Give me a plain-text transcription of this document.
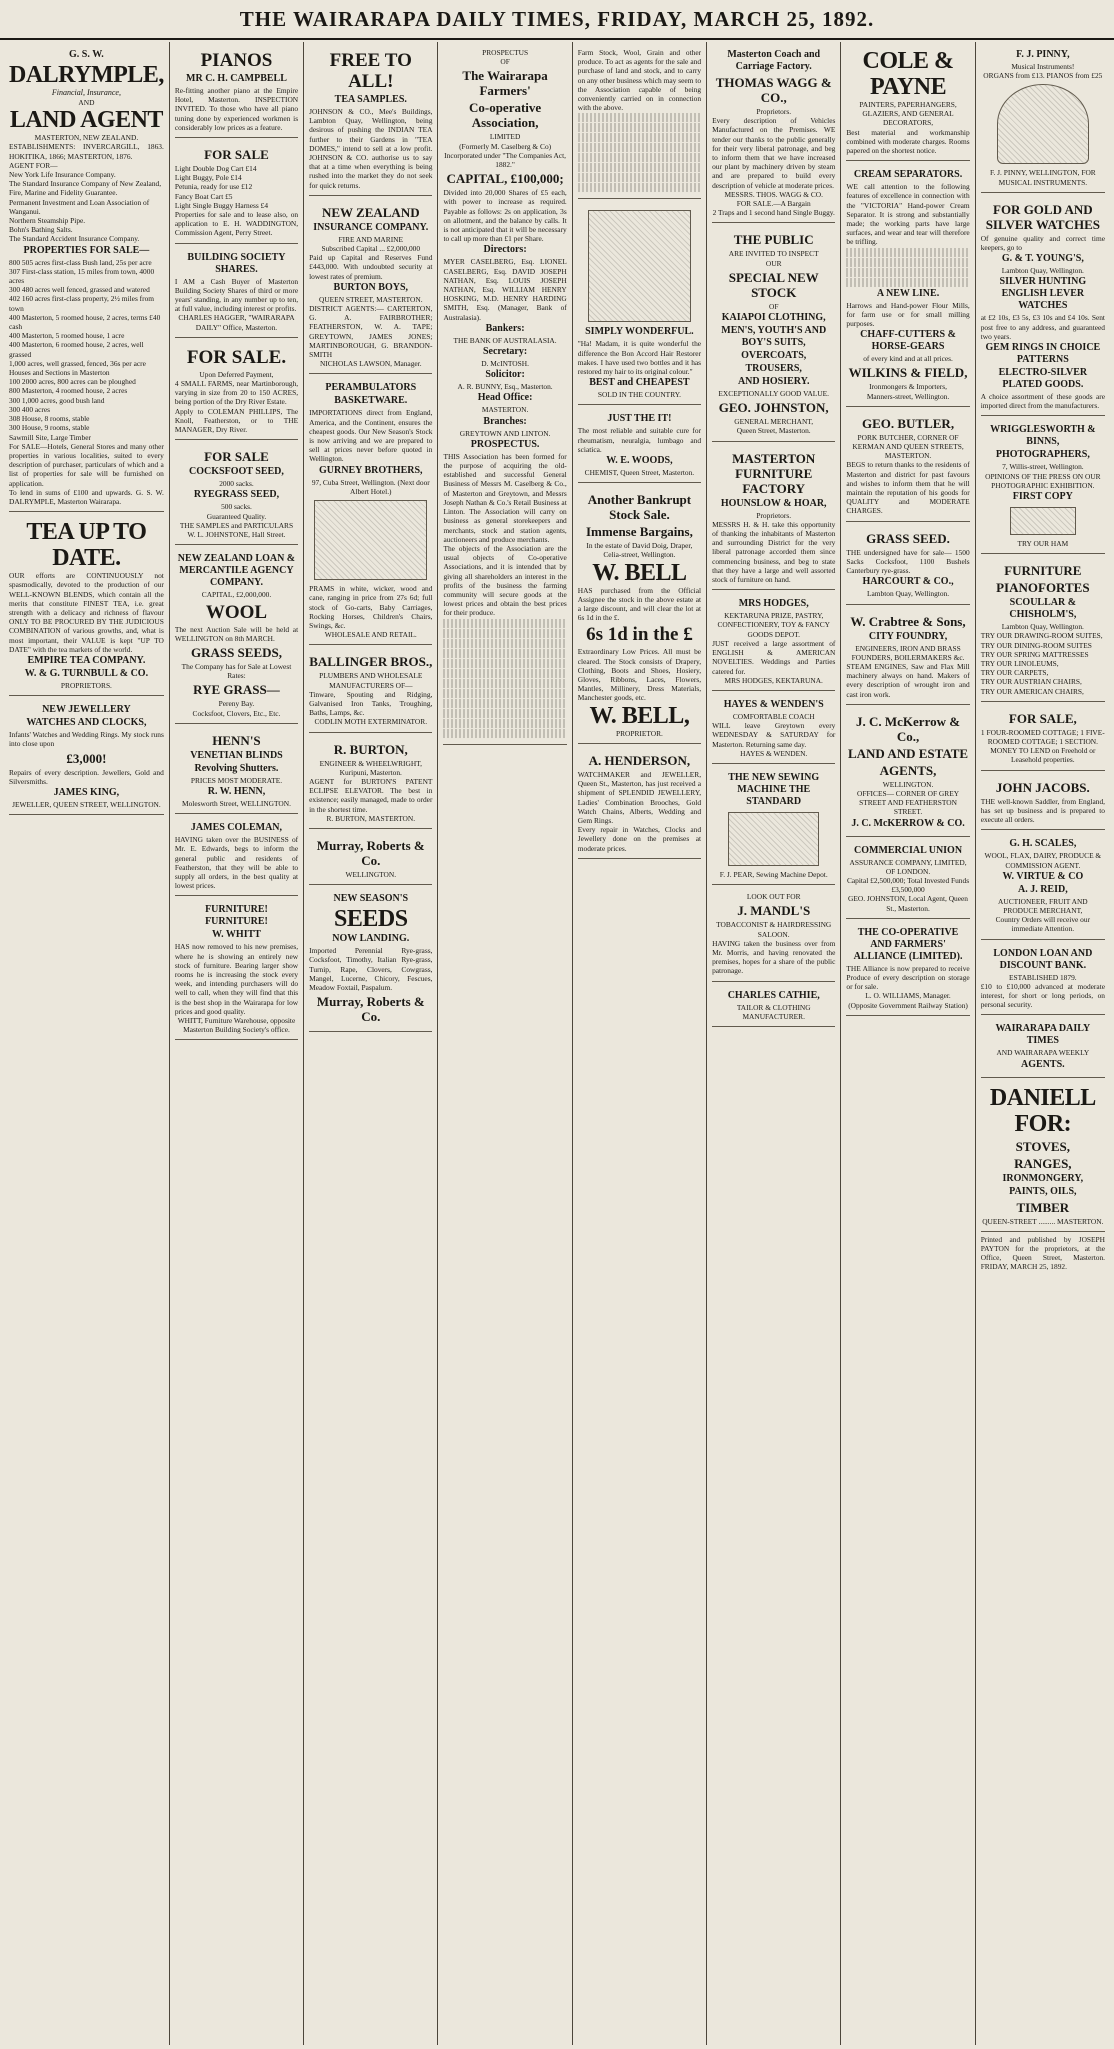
THE WAIRARAPA DAILY TIMES, FRIDAY, MARCH 25, 1892.
G. S. W.
DALRYMPLE,
Financial, Insurance,
AND
LAND AGENT
MASTERTON, NEW ZEALAND.
ESTABLISHMENTS: INVERCARGILL, 1863. HOKITIKA, 1866; MASTERTON, 1876.
AGENT FOR—
New York Life Insurance Company.
The Standard Insurance Company of New Zealand, Fire, Marine and Fidelity Guarantee.
Permanent Investment and Loan Association of Wanganui.
Northern Steamship Pipe.
Bohn's Bathing Salts.
The Standard Accident Insurance Company.
PROPERTIES FOR SALE—
800 505 acres first-class Bush land, 25s per acre
307 First-class station, 15 miles from town, 4000 acres
300 480 acres well fenced, grassed and watered
402 160 acres first-class property, 2½ miles from town
400 Masterton, 5 roomed house, 2 acres, terms £40 cash
400 Masterton, 5 roomed house, 1 acre
400 Masterton, 6 roomed house, 2 acres, well grassed
1,000 acres, well grassed, fenced, 36s per acre
Houses and Sections in Masterton
100 2000 acres, 800 acres can be ploughed
800 Masterton, 4 roomed house, 2 acres
300 1,000 acres, good bush land
300 400 acres
308 House, 8 rooms, stable
300 House, 9 rooms, stable
Sawmill Site, Large Timber
For SALE—Hotels, General Stores and many other properties in various localities, suited to every description of purchaser, particulars of which and a list of properties for sale will be furnished on application.
To lend in sums of £100 and upwards. G. S. W. DALRYMPLE, Masterton Wairarapa.
TEA UP TO DATE.
OUR efforts are CONTINUOUSLY not spasmodically, devoted to the production of our WELL-KNOWN BLENDS, which contain all the merits that constitute FINEST TEA, i.e. great strength with a delicacy and richness of flavour ONLY TO BE PROCURED BY THE JUDICIOUS COMBINATION of various growths, and, what is most important, their VALUE is kept "UP TO DATE" with the tea markets of the world.
EMPIRE TEA COMPANY.
W. & G. TURNBULL & CO.
PROPRIETORS.
NEW JEWELLERY
WATCHES AND CLOCKS,
Infants' Watches and Wedding Rings. My stock runs into close upon
£3,000!
Repairs of every description. Jewellers, Gold and Silversmiths.
JAMES KING,
JEWELLER, QUEEN STREET, WELLINGTON.
PIANOS
MR C. H. CAMPBELL
Re-fitting another piano at the Empire Hotel, Masterton. INSPECTION INVITED. To those who have all piano tuning done by experienced workmen is considerably low prices as a feature.
FOR SALE
Light Double Dog Cart £14
Light Buggy, Pole £14
Petunia, ready for use £12
Fancy Boat Cart £5
Light Single Buggy Harness £4
Properties for sale and to lease also, on application to E. H. WADDINGTON, Commission Agent, Perry Street.
BUILDING SOCIETY SHARES.
I AM a Cash Buyer of Masterton Building Society Shares of third or more years' standing, in any number up to ten, at full value, including interest or profits.
CHARLES HAGGER, "WAIRARAPA DAILY" Office, Masterton.
FOR SALE.
Upon Deferred Payment,
4 SMALL FARMS, near Martinborough, varying in size from 20 to 150 ACRES, being portion of the Dry River Estate.
Apply to COLEMAN PHILLIPS, The Knoll, Featherston, or to THE MANAGER, Dry River.
FOR SALE
COCKSFOOT SEED,
2000 sacks.
RYEGRASS SEED,
500 sacks.
Guaranteed Quality.
THE SAMPLES and PARTICULARS
W. L. JOHNSTONE, Hall Street.
NEW ZEALAND LOAN & MERCANTILE AGENCY COMPANY.
CAPITAL, £2,000,000.
WOOL
The next Auction Sale will be held at WELLINGTON on 8th MARCH.
GRASS SEEDS,
The Company has for Sale at Lowest Rates:
RYE GRASS—
Pereny Bay.
Cocksfoot, Clovers, Etc., Etc.
HENN'S
VENETIAN BLINDS
Revolving Shutters.
PRICES MOST MODERATE.
R. W. HENN,
Molesworth Street, WELLINGTON.
JAMES COLEMAN,
HAVING taken over the BUSINESS of Mr. E. Edwards, begs to inform the general public and residents of Featherston, that they will be able to supply all orders, in the best quality at lowest prices.
FURNITURE! FURNITURE!
W. WHITT
HAS now removed to his new premises, where he is showing an entirely new stock of furniture. Bearing larger show rooms he is increasing the stock every week, and intending purchasers will do well to call, when they will find that this is the best shop in the Wairarapa for low prices and good quality.
WHITT, Furniture Warehouse, opposite Masterton Building Society's office.
FREE TO ALL!
TEA SAMPLES.
JOHNSON & CO., Mee's Buildings, Lambton Quay, Wellington, being desirous of pushing the INDIAN TEA further to their Gardens in "TEA DOMES," intend to sell at a low profit. JOHNSON & CO. authorise us to say that at a time when everything is being rushed into the market they do not seek for quick returns.
NEW ZEALAND
INSURANCE COMPANY.
FIRE AND MARINE
Subscribed Capital ... £2,000,000
Paid up Capital and Reserves Fund £443,000. With undoubted security at lowest rates of premium.
BURTON BOYS,
QUEEN STREET, MASTERTON.
DISTRICT AGENTS:— CARTERTON, G. A. FAIRBROTHER; FEATHERSTON, W. A. TAPE; GREYTOWN, JAMES JONES; MARTINBOROUGH, G. BRANDON-SMITH
NICHOLAS LAWSON, Manager.
PERAMBULATORS
BASKETWARE.
IMPORTATIONS direct from England, America, and the Continent, ensures the cheapest goods. Our New Season's Stock is now arriving and we are prepared to sell at prices never before quoted in Wellington.
GURNEY BROTHERS,
97, Cuba Street, Wellington. (Next door Albert Hotel.)
PRAMS in white, wicker, wood and cane, ranging in price from 27s 6d; full stock of Go-carts, Baby Carriages, Rocking Horses, Children's Chairs, Swings, &c.
WHOLESALE AND RETAIL.
BALLINGER BROS.,
PLUMBERS AND WHOLESALE MANUFACTURERS OF—
Tinware, Spouting and Ridging, Galvanised Iron Tanks, Troughing, Baths, Lamps, &c.
CODLIN MOTH EXTERMINATOR.
R. BURTON,
ENGINEER & WHEELWRIGHT, Kuripuni, Masterton.
AGENT for BURTON'S PATENT ECLIPSE ELEVATOR. The best in existence; easily managed, made to order in the shortest time.
R. BURTON, MASTERTON.
Murray, Roberts & Co.
WELLINGTON.
NEW SEASON'S
SEEDS
NOW LANDING.
Imported Perennial Rye-grass, Cocksfoot, Timothy, Italian Rye-grass, Turnip, Rape, Clovers, Cowgrass, Mangel, Lucerne, Chicory, Fescues, Meadow Foxtail, Paspalum.
Murray, Roberts & Co.
PROSPECTUS
OF
The Wairarapa Farmers'
Co-operative Association,
LIMITED
(Formerly M. Caselberg & Co)
Incorporated under "The Companies Act, 1882."
CAPITAL, £100,000;
Divided into 20,000 Shares of £5 each, with power to increase as required. Payable as follows: 2s on application, 3s on allotment, and the balance by calls. It is not anticipated that it will be necessary to call up more than £1 per Share.
Directors:
MYER CASELBERG, Esq. LIONEL CASELBERG, Esq. DAVID JOSEPH NATHAN, Esq. LOUIS JOSEPH NATHAN, Esq. WILLIAM HENRY HOSKING, M.D. HENRY HARDING SMITH, Esq. (Manager, Bank of Australasia).
Bankers:
THE BANK OF AUSTRALASIA.
Secretary:
D. McINTOSH.
Solicitor:
A. R. BUNNY, Esq., Masterton.
Head Office:
MASTERTON.
Branches:
GREYTOWN AND LINTON.
PROSPECTUS.
THIS Association has been formed for the purpose of acquiring the old-established and successful General Business of Messrs M. Caselberg & Co., of Masterton and Greytown, and Messrs Joseph Nathan & Co.'s Retail Business at Linton. The Association will carry on business as general storekeepers and merchants, stock and station agents, auctioneers and produce merchants.
The objects of the Association are the usual objects of Co-operative Associations, and it is intended that by giving all shareholders an interest in the profits of the business the farming community will secure goods at the lowest prices and obtain the best prices for their produce.
Farm Stock, Wool, Grain and other produce. To act as agents for the sale and purchase of land and stock, and to carry on any other business which may seem to the Association capable of being conveniently carried on in connection with the above.
SIMPLY WONDERFUL.
"Ha! Madam, it is quite wonderful the difference the Bon Accord Hair Restorer makes. I have used two bottles and it has restored my hair to its original colour."
BEST and CHEAPEST
SOLD IN THE COUNTRY.
JUST THE IT!
The most reliable and suitable cure for rheumatism, neuralgia, lumbago and sciatica.
W. E. WOODS,
CHEMIST, Queen Street, Masterton.
Another Bankrupt Stock Sale.
Immense Bargains,
In the estate of David Doig, Draper, Celia-street, Wellington.
W. BELL
HAS purchased from the Official Assignee the stock in the above estate at a large discount, and will clear the lot at 6s 1d in the £.
6s 1d in the £
Extraordinary Low Prices. All must be cleared. The Stock consists of Drapery, Clothing, Boots and Shoes, Hosiery, Gloves, Ribbons, Laces, Flowers, Mantles, Millinery, Dress Materials, Manchester goods, etc.
W. BELL,
PROPRIETOR.
A. HENDERSON,
WATCHMAKER and JEWELLER, Queen St., Masterton, has just received a shipment of SPLENDID JEWELLERY, Ladies' Combination Brooches, Gold Watch Chains, Alberts, Wedding and Gem Rings.
Every repair in Watches, Clocks and Jewellery done on the premises at moderate prices.
Masterton Coach and Carriage Factory.
THOMAS WAGG & CO.,
Proprietors.
Every description of Vehicles Manufactured on the Premises. WE tender our thanks to the public generally for their very liberal patronage, and beg to inform them that we have increased our plant by machinery driven by steam and are prepared to build every description of vehicle at moderate prices.
MESSRS. THOS. WAGG & CO.
FOR SALE.—A Bargain
2 Traps and 1 second hand Single Buggy.
THE PUBLIC
ARE INVITED TO INSPECT
OUR
SPECIAL NEW STOCK
OF
KAIAPOI CLOTHING,
MEN'S, YOUTH'S AND BOY'S SUITS,
OVERCOATS,
TROUSERS,
AND HOSIERY.
EXCEPTIONALLY GOOD VALUE.
GEO. JOHNSTON,
GENERAL MERCHANT,
Queen Street, Masterton.
MASTERTON FURNITURE FACTORY
HOUNSLOW & HOAR,
Proprietors.
MESSRS H. & H. take this opportunity of thanking the inhabitants of Masterton and surrounding District for the very liberal patronage accorded them since commencing business, and beg to state that they have a large and well assorted stock of furniture on hand.
MRS HODGES,
KEKTARUNA PRIZE, PASTRY, CONFECTIONERY, TOY & FANCY GOODS DEPOT.
JUST received a large assortment of ENGLISH & AMERICAN NOVELTIES. Weddings and Parties catered for.
MRS HODGES, KEKTARUNA.
HAYES & WENDEN'S
COMFORTABLE COACH
WILL leave Greytown every WEDNESDAY & SATURDAY for Masterton. Returning same day.
HAYES & WENDEN.
THE NEW SEWING MACHINE THE STANDARD
F. J. PEAR, Sewing Machine Depot.
LOOK OUT FOR
J. MANDL'S
TOBACCONIST & HAIRDRESSING SALOON.
HAVING taken the business over from Mr. Morris, and having renovated the premises, hopes for a share of the public patronage.
CHARLES CATHIE,
TAILOR & CLOTHING MANUFACTURER.
COLE &
PAYNE
PAINTERS, PAPERHANGERS, GLAZIERS, AND GENERAL DECORATORS,
Best material and workmanship combined with moderate charges. Rooms papered on the shortest notice.
CREAM SEPARATORS.
WE call attention to the following features of excellence in connection with the "VICTORIA" Hand-power Cream Separator. It is strong and substantially made; the working parts have large surfaces, and wear and tear will therefore be trifling.
A NEW LINE.
Harrows and Hand-power Flour Mills, for farm use or for small milling purposes.
CHAFF-CUTTERS & HORSE-GEARS
of every kind and at all prices.
WILKINS & FIELD,
Ironmongers & Importers,
Manners-street, Wellington.
GEO. BUTLER,
PORK BUTCHER, CORNER OF KERMAN AND QUEEN STREETS, MASTERTON.
BEGS to return thanks to the residents of Masterton and district for past favours and wishes to inform them that he will maintain the reputation of his goods for QUALITY and MODERATE CHARGES.
GRASS SEED.
THE undersigned have for sale— 1500 Sacks Cocksfoot, 1100 Bushels Canterbury rye-grass.
HARCOURT & CO.,
Lambton Quay, Wellington.
W. Crabtree & Sons,
CITY FOUNDRY,
ENGINEERS, IRON AND BRASS FOUNDERS, BOILERMAKERS &c.
STEAM ENGINES, Saw and Flax Mill machinery always on hand. Makers of every description of wrought iron and cast iron work.
J. C. McKerrow & Co.,
LAND AND ESTATE
AGENTS,
WELLINGTON.
OFFICES— CORNER OF GREY STREET AND FEATHERSTON STREET.
J. C. McKERROW & CO.
COMMERCIAL UNION
ASSURANCE COMPANY, LIMITED, OF LONDON.
Capital £2,500,000; Total Invested Funds £3,500,000
GEO. JOHNSTON, Local Agent, Queen St., Masterton.
THE CO-OPERATIVE AND FARMERS' ALLIANCE (LIMITED).
THE Alliance is now prepared to receive Produce of every description on storage or for sale.
L. O. WILLIAMS, Manager.
(Opposite Government Railway Station)
F. J. PINNY,
Musical Instruments!
ORGANS from £13. PIANOS from £25
F. J. PINNY, WELLINGTON, FOR MUSICAL INSTRUMENTS.
FOR GOLD AND SILVER WATCHES
Of genuine quality and correct time keepers, go to
G. & T. YOUNG'S,
Lambton Quay, Wellington.
SILVER HUNTING ENGLISH LEVER WATCHES
at £2 10s, £3 5s, £3 10s and £4 10s. Sent post free to any address, and guaranteed two years.
GEM RINGS IN CHOICE PATTERNS
ELECTRO-SILVER PLATED GOODS.
A choice assortment of these goods are imported direct from the manufacturers.
WRIGGLESWORTH & BINNS,
PHOTOGRAPHERS,
7, Willis-street, Wellington.
OPINIONS OF THE PRESS ON OUR PHOTOGRAPHIC EXHIBITION.
FIRST COPY
TRY OUR HAM
FURNITURE
PIANOFORTES
SCOULLAR & CHISHOLM'S,
Lambton Quay, Wellington.
TRY OUR DRAWING-ROOM SUITES,
TRY OUR DINING-ROOM SUITES
TRY OUR SPRING MATTRESSES
TRY OUR LINOLEUMS,
TRY OUR CARPETS,
TRY OUR AUSTRIAN CHAIRS,
TRY OUR AMERICAN CHAIRS,
FOR SALE,
1 FOUR-ROOMED COTTAGE; 1 FIVE-ROOMED COTTAGE; 1 SECTION.
MONEY TO LEND on Freehold or Leasehold properties.
JOHN JACOBS.
THE well-known Saddler, from England, has set up business and is prepared to execute all orders.
G. H. SCALES,
WOOL, FLAX, DAIRY, PRODUCE & COMMISSION AGENT.
W. VIRTUE & CO
A. J. REID,
AUCTIONEER, FRUIT AND PRODUCE MERCHANT,
Country Orders will receive our immediate Attention.
LONDON LOAN AND DISCOUNT BANK.
ESTABLISHED 1879.
£10 to £10,000 advanced at moderate interest, for short or long periods, on personal security.
WAIRARAPA DAILY TIMES
AND WAIRARAPA WEEKLY
AGENTS.
DANIELL FOR:
STOVES,
RANGES,
IRONMONGERY,
PAINTS, OILS,
TIMBER
QUEEN-STREET ......... MASTERTON.
Printed and published by JOSEPH PAYTON for the proprietors, at the Office, Queen Street, Masterton. FRIDAY, MARCH 25, 1892.
